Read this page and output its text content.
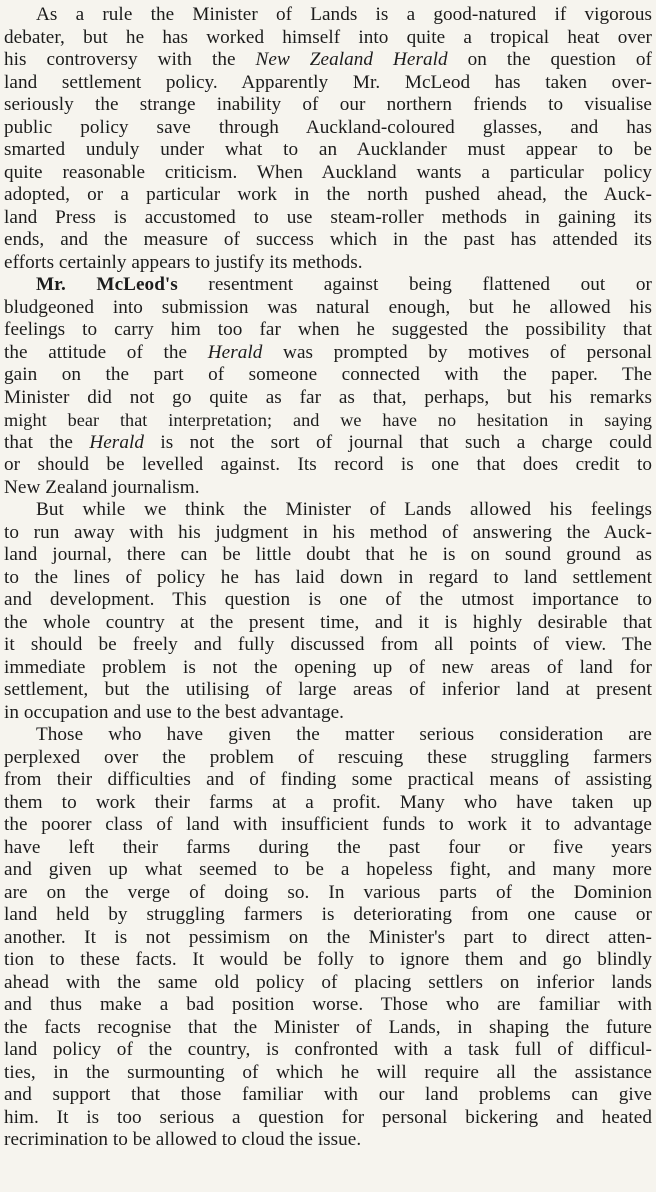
As a rule the Minister of Lands is a good-natured if vigorous
debater, but he has worked himself into quite a tropical heat over
his controversy with the New Zealand Herald on the question of
land settlement policy. Apparently Mr. McLeod has taken over-
seriously the strange inability of our northern friends to visualise
public policy save through Auckland-coloured glasses, and has
smarted unduly under what to an Aucklander must appear to be
quite reasonable criticism. When Auckland wants a particular policy
adopted, or a particular work in the north pushed ahead, the Auck-
land Press is accustomed to use steam-roller methods in gaining its
ends, and the measure of success which in the past has attended its
efforts certainly appears to justify its methods.
Mr. McLeod's resentment against being flattened out or
bludgeoned into submission was natural enough, but he allowed his
feelings to carry him too far when he suggested the possibility that
the attitude of the Herald was prompted by motives of personal
gain on the part of someone connected with the paper. The
Minister did not go quite as far as that, perhaps, but his remarks
might bear that interpretation; and we have no hesitation in saying
that the Herald is not the sort of journal that such a charge could
or should be levelled against. Its record is one that does credit to
New Zealand journalism.
But while we think the Minister of Lands allowed his feelings
to run away with his judgment in his method of answering the Auck-
land journal, there can be little doubt that he is on sound ground as
to the lines of policy he has laid down in regard to land settlement
and development. This question is one of the utmost importance to
the whole country at the present time, and it is highly desirable that
it should be freely and fully discussed from all points of view. The
immediate problem is not the opening up of new areas of land for
settlement, but the utilising of large areas of inferior land at present
in occupation and use to the best advantage.
Those who have given the matter serious consideration are
perplexed over the problem of rescuing these struggling farmers
from their difficulties and of finding some practical means of assisting
them to work their farms at a profit. Many who have taken up
the poorer class of land with insufficient funds to work it to advantage
have left their farms during the past four or five years
and given up what seemed to be a hopeless fight, and many more
are on the verge of doing so. In various parts of the Dominion
land held by struggling farmers is deteriorating from one cause or
another. It is not pessimism on the Minister's part to direct atten-
tion to these facts. It would be folly to ignore them and go blindly
ahead with the same old policy of placing settlers on inferior lands
and thus make a bad position worse. Those who are familiar with
the facts recognise that the Minister of Lands, in shaping the future
land policy of the country, is confronted with a task full of difficul-
ties, in the surmounting of which he will require all the assistance
and support that those familiar with our land problems can give
him. It is too serious a question for personal bickering and heated
recrimination to be allowed to cloud the issue.
